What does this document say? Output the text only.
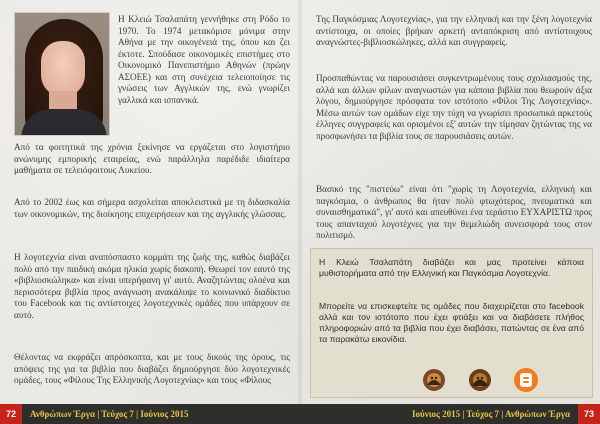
Η Κλειώ Τσαλαπάτη γεννήθηκε στη Ρόδο το 1970. Το 1974 μετακόμισε μόνιμα στην Αθήνα με την οικογένειά της, όπου και ζει έκτοτε. Σπούδασε οικονομικές επιστήμες στο Οικονομικό Πανεπιστήμιο Αθηνών (πρώην ΑΣΟΕΕ) και στη συνέχεια τελειοποίησε τις γνώσεις των Αγγλικών της, ενώ γνωρίζει γαλλικά και ισπανικά.

Από τα φοιτητικά της χρόνια ξεκίνησε να εργάζεται στο λογιστήριο ανώνυμης εμπορικής εταιρείας, ενώ παράλληλα παρέδιδε ιδιαίτερα μαθήματα σε τελειόφοιτους Λυκείου.

Από το 2002 έως και σήμερα ασχολείται αποκλειστικά με τη διδασκαλία των οικονομικών, της διοίκησης επιχειρήσεων και της αγγλικής γλώσσας.

Η λογοτεχνία είναι αναπόσπαστο κομμάτι της ζωής της, καθώς διαβάζει πολύ από την παιδική ακόμα ηλικία χωρίς διακοπή. Θεωρεί τον εαυτό της «βιβλιοσκώληκα» και είναι υπερήφανη γι' αυτό. Αναζητώντας ολοένα και περισσότερα βιβλία προς ανάγνωση ανακάλυψε το κοινωνικό διαδίκτυο του Facebook και τις αντίστοιχες λογοτεχνικές ομάδες που υπάρχουν σε αυτό.

Θέλοντας να εκφράζει απρόσκοπτα, και με τους δικούς της όρους, τις απόψεις της για τα βιβλία που διαβάζει δημιούργησε δύο λογοτεχνικές ομάδες, τους «Φίλους Της Ελληνικής Λογοτεχνίας» και τους «Φίλους

Της Παγκόσμιας Λογοτεχνίας», για την ελληνική και την ξένη λογοτεχνία αντίστοιχα, οι οποίες βρήκαν αρκετή ανταπόκριση από αντίστοιχους αναγνώστες-βιβλιοσκώληκες, αλλά και συγγραφείς.

Προσπαθώντας να παρουσιάσει συγκεντρωμένους τους σχολιασμούς της, αλλά και άλλων φίλων αναγνωστών για κάποια βιβλία που θεωρούν άξια λόγου, δημιούργησε πρόσφατα τον ιστότοπο «Φίλοι Της Λογοτεχνίας». Μέσω αυτών των ομάδων είχε την τύχη να γνωρίσει προσωπικά αρκετούς έλληνες συγγραφείς και ορισμένοι εξ' αυτών την τίμησαν ζητώντας της να προσφωνήσει τα βιβλία τους σε παρουσιάσεις αυτών.

Βασικό της "πιστεύω" είναι ότι "χωρίς τη Λογοτεχνία, ελληνική και παγκόσμια, ο άνθρωπος θα ήταν πολύ φτωχότερος, πνευματικά και συναισθηματικά", γι' αυτό και απευθύνει ένα τεράστιο ΕΥΧΑΡΙΣΤΩ προς τους απανταχού λογοτέχνες για την θεμελιώδη συνεισφορά τους στον πολιτισμό.

Η Κλειώ Τσαλαπάτη διαβάζει και μας προτείνει κάποια μυθιστορήματα από την Ελληνική και Παγκόσμια Λογοτεχνία.

Μπορείτε να επισκεφτείτε τις ομάδες που διαχειρίζεται στο facebook αλλά και τον ιστότοπο που έχει φτιάξει και να διαβάσετε πλήθος πληροφοριών από τα βιβλία που έχει διαβάσει, πατώντας σε ένα από τα παρακάτω εικονίδια.

72	Ανθρώπων Έργα | Τεύχος 7 | Ιούνιος 2015	Ιούνιος 2015 | Τεύχος 7 | Ανθρώπων Έργα	73
